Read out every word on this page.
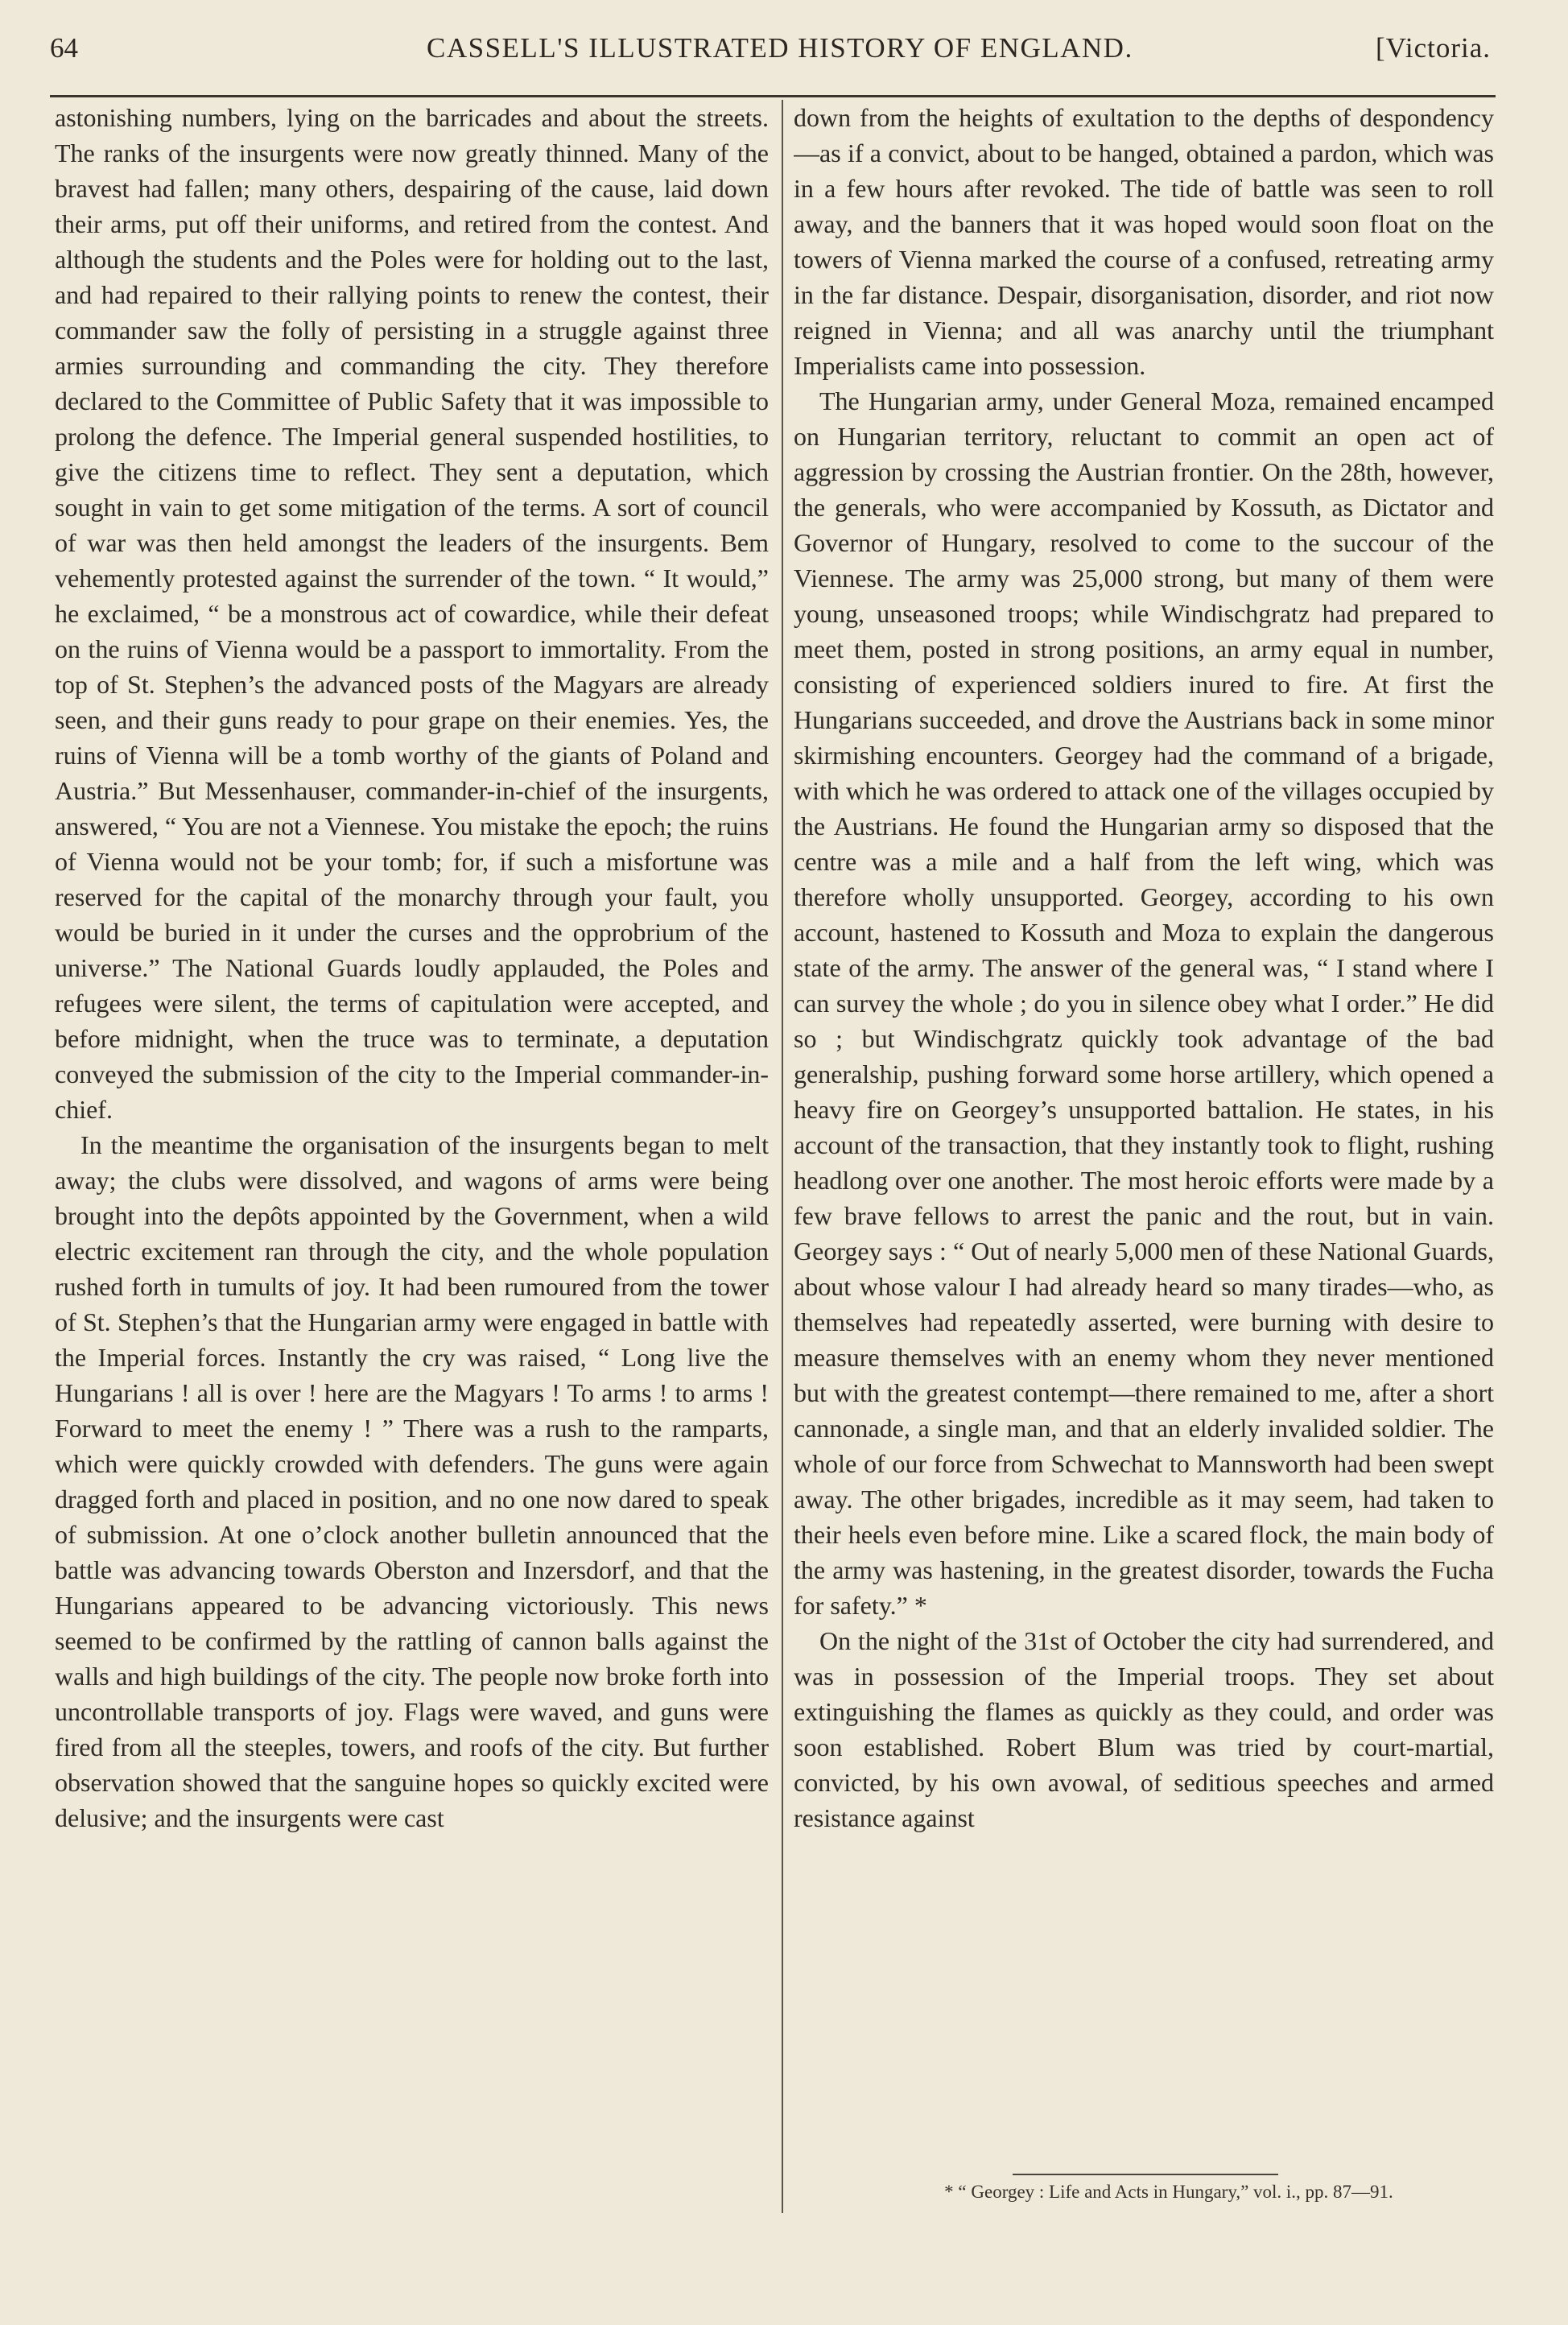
64	CASSELL'S ILLUSTRATED HISTORY OF ENGLAND.	[Victoria.

astonishing numbers, lying on the barricades and about the streets. The ranks of the insurgents were now greatly thinned. Many of the bravest had fallen; many others, despairing of the cause, laid down their arms, put off their uniforms, and retired from the contest. And although the students and the Poles were for holding out to the last, and had repaired to their rallying points to renew the contest, their commander saw the folly of persisting in a struggle against three armies surrounding and commanding the city. They therefore declared to the Committee of Public Safety that it was impossible to prolong the defence. The Imperial general suspended hostilities, to give the citizens time to reflect. They sent a deputation, which sought in vain to get some mitigation of the terms. A sort of council of war was then held amongst the leaders of the insurgents. Bem vehemently protested against the surrender of the town. “ It would,” he exclaimed, “ be a monstrous act of cowardice, while their defeat on the ruins of Vienna would be a passport to immortality. From the top of St. Stephen’s the advanced posts of the Magyars are already seen, and their guns ready to pour grape on their enemies. Yes, the ruins of Vienna will be a tomb worthy of the giants of Poland and Austria.” But Messenhauser, commander-in-chief of the insurgents, answered, “ You are not a Viennese. You mistake the epoch; the ruins of Vienna would not be your tomb; for, if such a misfortune was reserved for the capital of the monarchy through your fault, you would be buried in it under the curses and the opprobrium of the universe.” The National Guards loudly applauded, the Poles and refugees were silent, the terms of capitulation were accepted, and before midnight, when the truce was to terminate, a deputation conveyed the submission of the city to the Imperial commander-in-chief.

In the meantime the organisation of the insurgents began to melt away; the clubs were dissolved, and wagons of arms were being brought into the depôts appointed by the Government, when a wild electric excitement ran through the city, and the whole population rushed forth in tumults of joy. It had been rumoured from the tower of St. Stephen’s that the Hungarian army were engaged in battle with the Imperial forces. Instantly the cry was raised, “ Long live the Hungarians ! all is over ! here are the Magyars ! To arms ! to arms ! Forward to meet the enemy ! ” There was a rush to the ramparts, which were quickly crowded with defenders. The guns were again dragged forth and placed in position, and no one now dared to speak of submission. At one o’clock another bulletin announced that the battle was advancing towards Oberston and Inzersdorf, and that the Hungarians appeared to be advancing victoriously. This news seemed to be confirmed by the rattling of cannon balls against the walls and high buildings of the city. The people now broke forth into uncontrollable transports of joy. Flags were waved, and guns were fired from all the steeples, towers, and roofs of the city. But further observation showed that the sanguine hopes so quickly excited were delusive; and the insurgents were cast

down from the heights of exultation to the depths of despondency—as if a convict, about to be hanged, obtained a pardon, which was in a few hours after revoked. The tide of battle was seen to roll away, and the banners that it was hoped would soon float on the towers of Vienna marked the course of a confused, retreating army in the far distance. Despair, disorganisation, disorder, and riot now reigned in Vienna; and all was anarchy until the triumphant Imperialists came into possession.

The Hungarian army, under General Moza, remained encamped on Hungarian territory, reluctant to commit an open act of aggression by crossing the Austrian frontier. On the 28th, however, the generals, who were accompanied by Kossuth, as Dictator and Governor of Hungary, resolved to come to the succour of the Viennese. The army was 25,000 strong, but many of them were young, unseasoned troops; while Windischgratz had prepared to meet them, posted in strong positions, an army equal in number, consisting of experienced soldiers inured to fire. At first the Hungarians succeeded, and drove the Austrians back in some minor skirmishing encounters. Georgey had the command of a brigade, with which he was ordered to attack one of the villages occupied by the Austrians. He found the Hungarian army so disposed that the centre was a mile and a half from the left wing, which was therefore wholly unsupported. Georgey, according to his own account, hastened to Kossuth and Moza to explain the dangerous state of the army. The answer of the general was, “ I stand where I can survey the whole ; do you in silence obey what I order.” He did so ; but Windischgratz quickly took advantage of the bad generalship, pushing forward some horse artillery, which opened a heavy fire on Georgey’s unsupported battalion. He states, in his account of the transaction, that they instantly took to flight, rushing headlong over one another. The most heroic efforts were made by a few brave fellows to arrest the panic and the rout, but in vain. Georgey says : “ Out of nearly 5,000 men of these National Guards, about whose valour I had already heard so many tirades—who, as themselves had repeatedly asserted, were burning with desire to measure themselves with an enemy whom they never mentioned but with the greatest contempt—there remained to me, after a short cannonade, a single man, and that an elderly invalided soldier. The whole of our force from Schwechat to Mannsworth had been swept away. The other brigades, incredible as it may seem, had taken to their heels even before mine. Like a scared flock, the main body of the army was hastening, in the greatest disorder, towards the Fucha for safety.” *

On the night of the 31st of October the city had surrendered, and was in possession of the Imperial troops. They set about extinguishing the flames as quickly as they could, and order was soon established. Robert Blum was tried by court-martial, convicted, by his own avowal, of seditious speeches and armed resistance against

* “ Georgey : Life and Acts in Hungary,” vol. i., pp. 87—91.
